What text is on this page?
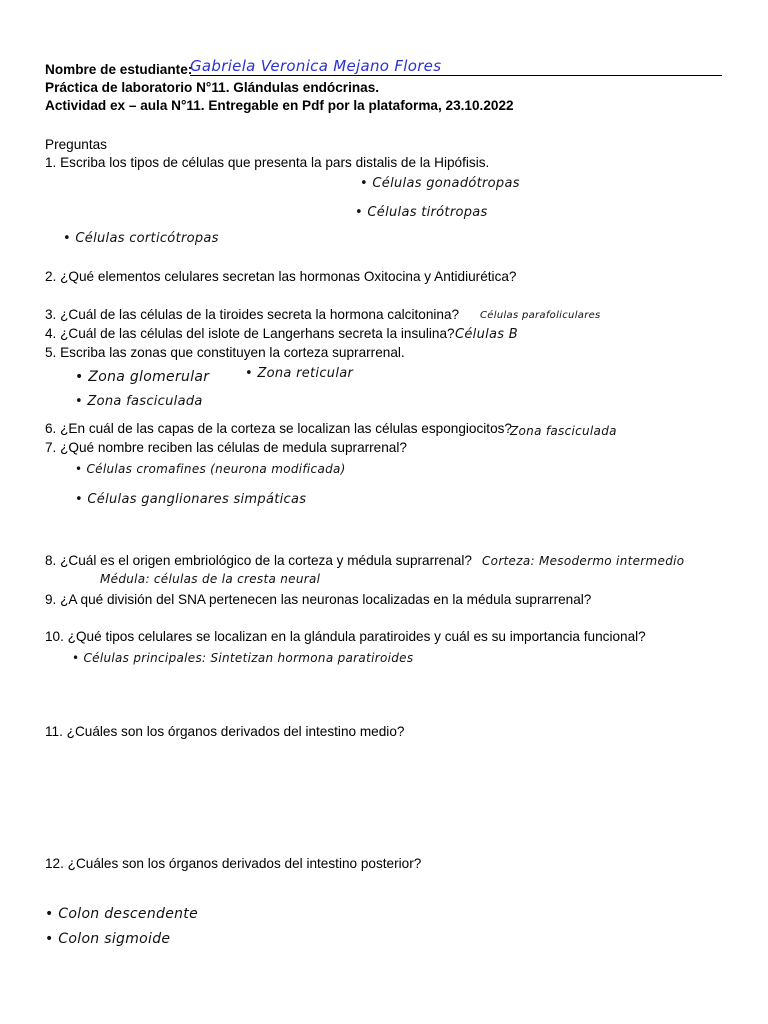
Nombre de estudiante:
Gabriela Veronica Mejano Flores
Práctica de laboratorio N°11. Glándulas endócrinas.
Actividad ex – aula N°11. Entregable en Pdf por la plataforma, 23.10.2022
Preguntas
1. Escriba los tipos de células que presenta la pars distalis de la Hipófisis.
• Células corticótropas
• Células gonadótropas
• Células tirótropas
2. ¿Qué elementos celulares secretan las hormonas Oxitocina y Antidiurética?
3. ¿Cuál de las células de la tiroides secreta la hormona calcitonina? Células parafoliculares
4. ¿Cuál de las células del islote de Langerhans secreta la insulina? Células B
5. Escriba las zonas que constituyen la corteza suprarrenal.
• Zona glomerular	• Zona reticular
• Zona fasciculada
6. ¿En cuál de las capas de la corteza se localizan las células espongiocitos?
Zona fasciculada
7. ¿Qué nombre reciben las células de medula suprarrenal?
• Células cromafines (neurona modificada)
• Células ganglionares simpáticas
8. ¿Cuál es el origen embriológico de la corteza y médula suprarrenal? Corteza: Mesodermo intermedio
Médula: células de la cresta neural
9. ¿A qué división del SNA pertenecen las neuronas localizadas en la médula suprarrenal?
10. ¿Qué tipos celulares se localizan en la glándula paratiroides y cuál es su importancia funcional?
• Células principales: Sintetizan hormona paratiroides
11. ¿Cuáles son los órganos derivados del intestino medio?
12. ¿Cuáles son los órganos derivados del intestino posterior?
• Colon descendente
• Colon sigmoide
